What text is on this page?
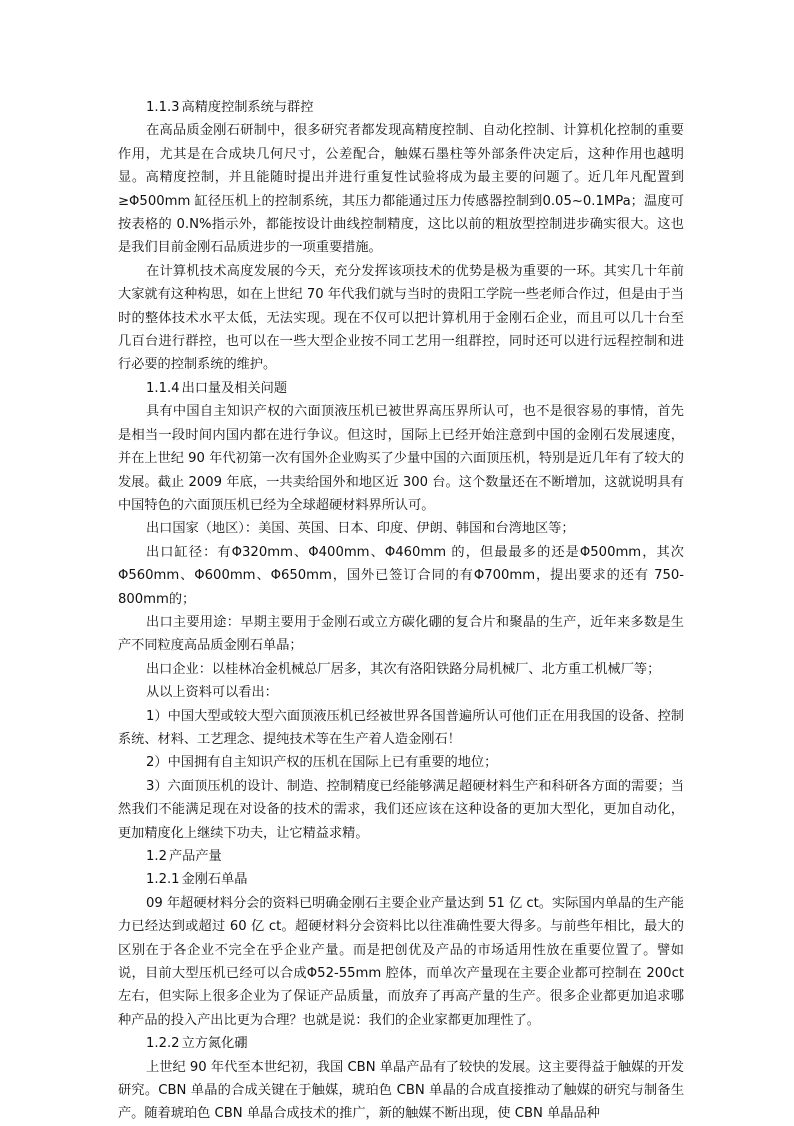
1.1.3 高精度控制系统与群控

在高品质金刚石研制中，很多研究者都发现高精度控制、自动化控制、计算机化控制的重要作用，尤其是在合成块几何尺寸，公差配合，触媒石墨柱等外部条件决定后，这种作用也越明显。高精度控制，并且能随时提出并进行重复性试验将成为最主要的问题了。近几年凡配置到≥Φ500mm 缸径压机上的控制系统，其压力都能通过压力传感器控制到0.05~0.1MPa；温度可按表格的 0.N%指示外，都能按设计曲线控制精度，这比以前的粗放型控制进步确实很大。这也是我们目前金刚石品质进步的一项重要措施。

在计算机技术高度发展的今天，充分发挥该项技术的优势是极为重要的一环。其实几十年前大家就有这种构思，如在上世纪 70 年代我们就与当时的贵阳工学院一些老师合作过，但是由于当时的整体技术水平太低，无法实现。现在不仅可以把计算机用于金刚石企业，而且可以几十台至几百台进行群控，也可以在一些大型企业按不同工艺用一组群控，同时还可以进行远程控制和进行必要的控制系统的维护。

1.1.4 出口量及相关问题

具有中国自主知识产权的六面顶液压机已被世界高压界所认可，也不是很容易的事情，首先是相当一段时间内国内都在进行争议。但这时，国际上已经开始注意到中国的金刚石发展速度，并在上世纪 90 年代初第一次有国外企业购买了少量中国的六面顶压机，特别是近几年有了较大的发展。截止 2009 年底，一共卖给国外和地区近 300 台。这个数量还在不断增加，这就说明具有中国特色的六面顶压机已经为全球超硬材料界所认可。

出口国家（地区）：美国、英国、日本、印度、伊朗、韩国和台湾地区等；

出口缸径：有Φ320mm、Φ400mm、Φ460mm 的，但最最多的还是Φ500mm，其次Φ560mm、Φ600mm、Φ650mm，国外已签订合同的有Φ700mm，提出要求的还有 750-800mm的；

出口主要用途：早期主要用于金刚石或立方碳化硼的复合片和聚晶的生产，近年来多数是生产不同粒度高品质金刚石单晶；

出口企业：以桂林冶金机械总厂居多，其次有洛阳铁路分局机械厂、北方重工机械厂等；

从以上资料可以看出：

1）中国大型或较大型六面顶液压机已经被世界各国普遍所认可他们正在用我国的设备、控制系统、材料、工艺理念、提纯技术等在生产着人造金刚石！

2）中国拥有自主知识产权的压机在国际上已有重要的地位；

3）六面顶压机的设计、制造、控制精度已经能够满足超硬材料生产和科研各方面的需要；当然我们不能满足现在对设备的技术的需求，我们还应该在这种设备的更加大型化，更加自动化，更加精度化上继续下功夫，让它精益求精。

1.2 产品产量
1.2.1 金刚石单晶

09 年超硬材料分会的资料已明确金刚石主要企业产量达到 51 亿 ct。实际国内单晶的生产能力已经达到或超过 60 亿 ct。超硬材料分会资料比以往准确性要大得多。与前些年相比，最大的区别在于各企业不完全在乎企业产量。而是把创优及产品的市场适用性放在重要位置了。譬如说，目前大型压机已经可以合成Φ52-55mm 腔体，而单次产量现在主要企业都可控制在 200ct 左右，但实际上很多企业为了保证产品质量，而放弃了再高产量的生产。很多企业都更加追求哪种产品的投入产出比更为合理？也就是说：我们的企业家都更加理性了。

1.2.2 立方氮化硼

上世纪 90 年代至本世纪初，我国 CBN 单晶产品有了较快的发展。这主要得益于触媒的开发研究。CBN 单晶的合成关键在于触媒，琥珀色 CBN 单晶的合成直接推动了触媒的研究与制备生产。随着琥珀色 CBN 单晶合成技术的推广，新的触媒不断出现，使 CBN 单晶品种
